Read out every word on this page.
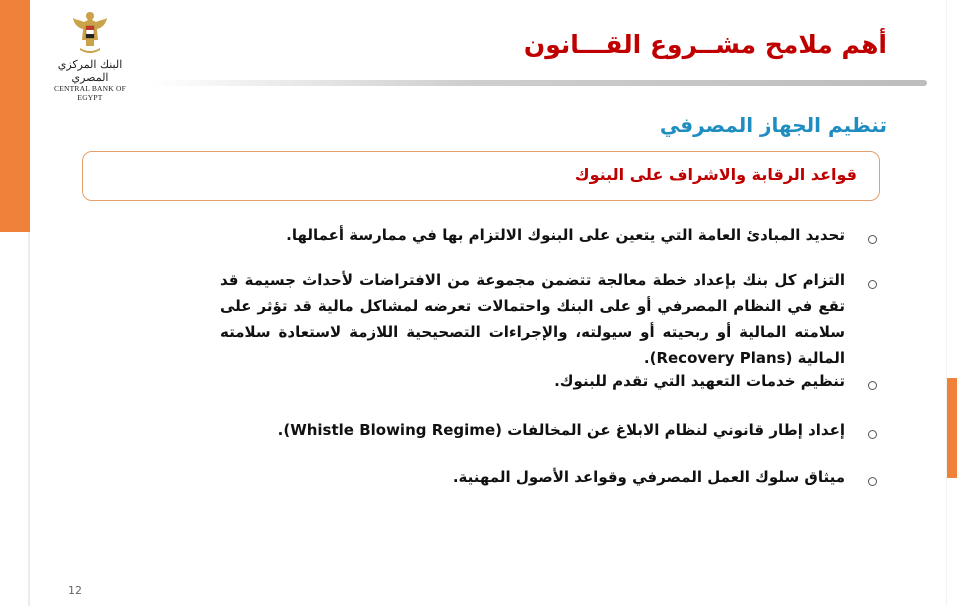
البنك المركزي المصري
CENTRAL BANK OF EGYPT
أهم ملامح مشــروع القـــانون
تنظيم الجهاز المصرفي
قواعد الرقابة والاشراف على البنوك
تحديد المبادئ العامة التي يتعين على البنوك الالتزام بها في ممارسة أعمالها.
التزام كل بنك بإعداد خطة معالجة تتضمن مجموعة من الافتراضات لأحداث جسيمة قد تقع في النظام المصرفي أو على البنك واحتمالات تعرضه لمشاكل مالية قد تؤثر على سلامته المالية أو ربحيته أو سيولته، والإجراءات التصحيحية اللازمة لاستعادة سلامته المالية (Recovery Plans).
تنظيم خدمات التعهيد التي تقدم للبنوك.
إعداد إطار قانوني لنظام الابلاغ عن المخالفات (Whistle Blowing Regime).
ميثاق سلوك العمل المصرفي وقواعد الأصول المهنية.
12
